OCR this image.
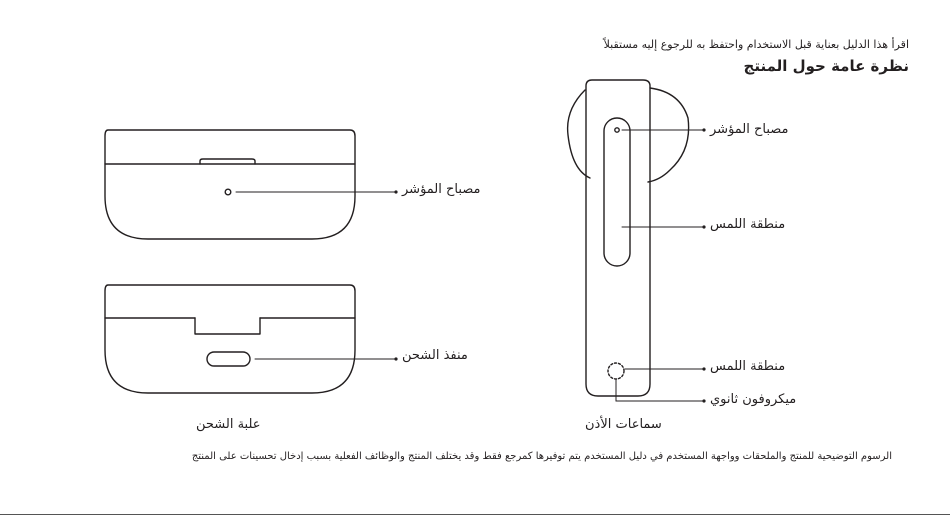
اقرأ هذا الدليل بعناية قبل الاستخدام واحتفظ به للرجوع إليه مستقبلاً
نظرة عامة حول المنتج
مصباح المؤشر
منطقة اللمس
منطقة اللمس
ميكروفون ثانوي
مصباح المؤشر
منفذ الشحن
علبة الشحن	سماعات الأذن
الرسوم التوضيحية للمنتج والملحقات وواجهة المستخدم في دليل المستخدم يتم توفيرها كمرجع فقط وقد يختلف المنتج والوظائف الفعلية بسبب إدخال تحسينات على المنتج
